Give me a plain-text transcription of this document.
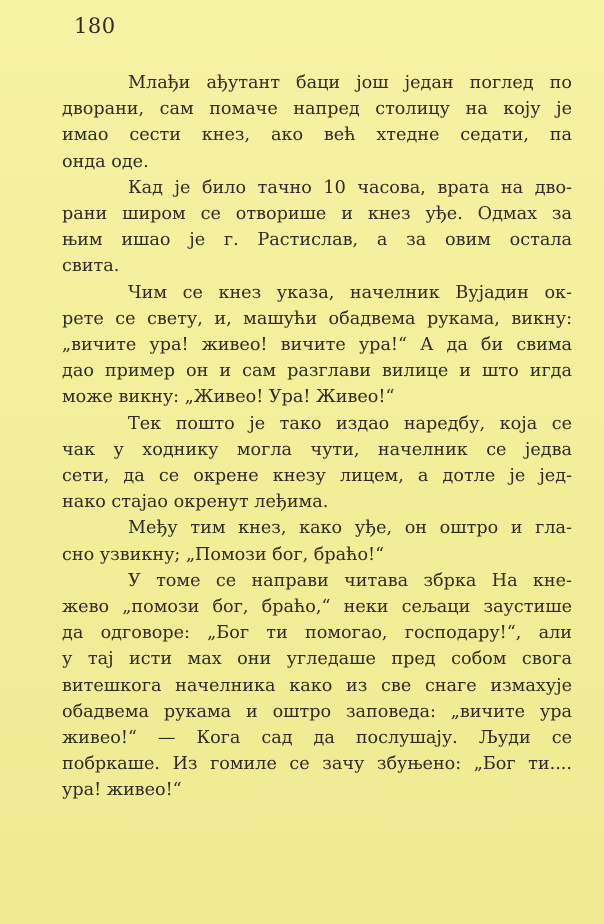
180
Млађи ађутант баци још један поглед по
дворани, сам помаче напред столицу на коју је
имао сести кнез, ако већ хтедне седати, па
онда оде.
Кад је било тачно 10 часова, врата на дво-
рани широм се отворише и кнез уђе. Одмах за
њим ишао је г. Растислав, а за овим остала
свита.
Чим се кнез указа, начелник Вујадин ок-
рете се свету, и, машући обадвема рукама, викну:
„вичите ура! живео! вичите ура!“ А да би свима
дао пример он и сам разглави вилице и што игда
може викну: „Живео! Ура! Живео!“
Тек пошто је тако издао наредбу, која се
чак у ходнику могла чути, начелник се једва
сети, да се окрене кнезу лицем, а дотле је јед-
нако стајао окренут леђима.
Међу тим кнез, како уђе, он оштро и гла-
сно узвикну; „Помози бог, браћо!“
У томе се направи читава збрка На кне-
жево „помози бог, браћо,“ неки сељаци заустише
да одговоре: „Бог ти помогао, господару!“, али
у тај исти мах они угледаше пред собом свога
витешкога начелника како из све снаге измахује
обадвема рукама и оштро заповеда: „вичите ура
живео!“ — Кога сад да послушају. Људи се
побркаше. Из гомиле се зачу збуњено: „Бог ти....
ура! живео!“
